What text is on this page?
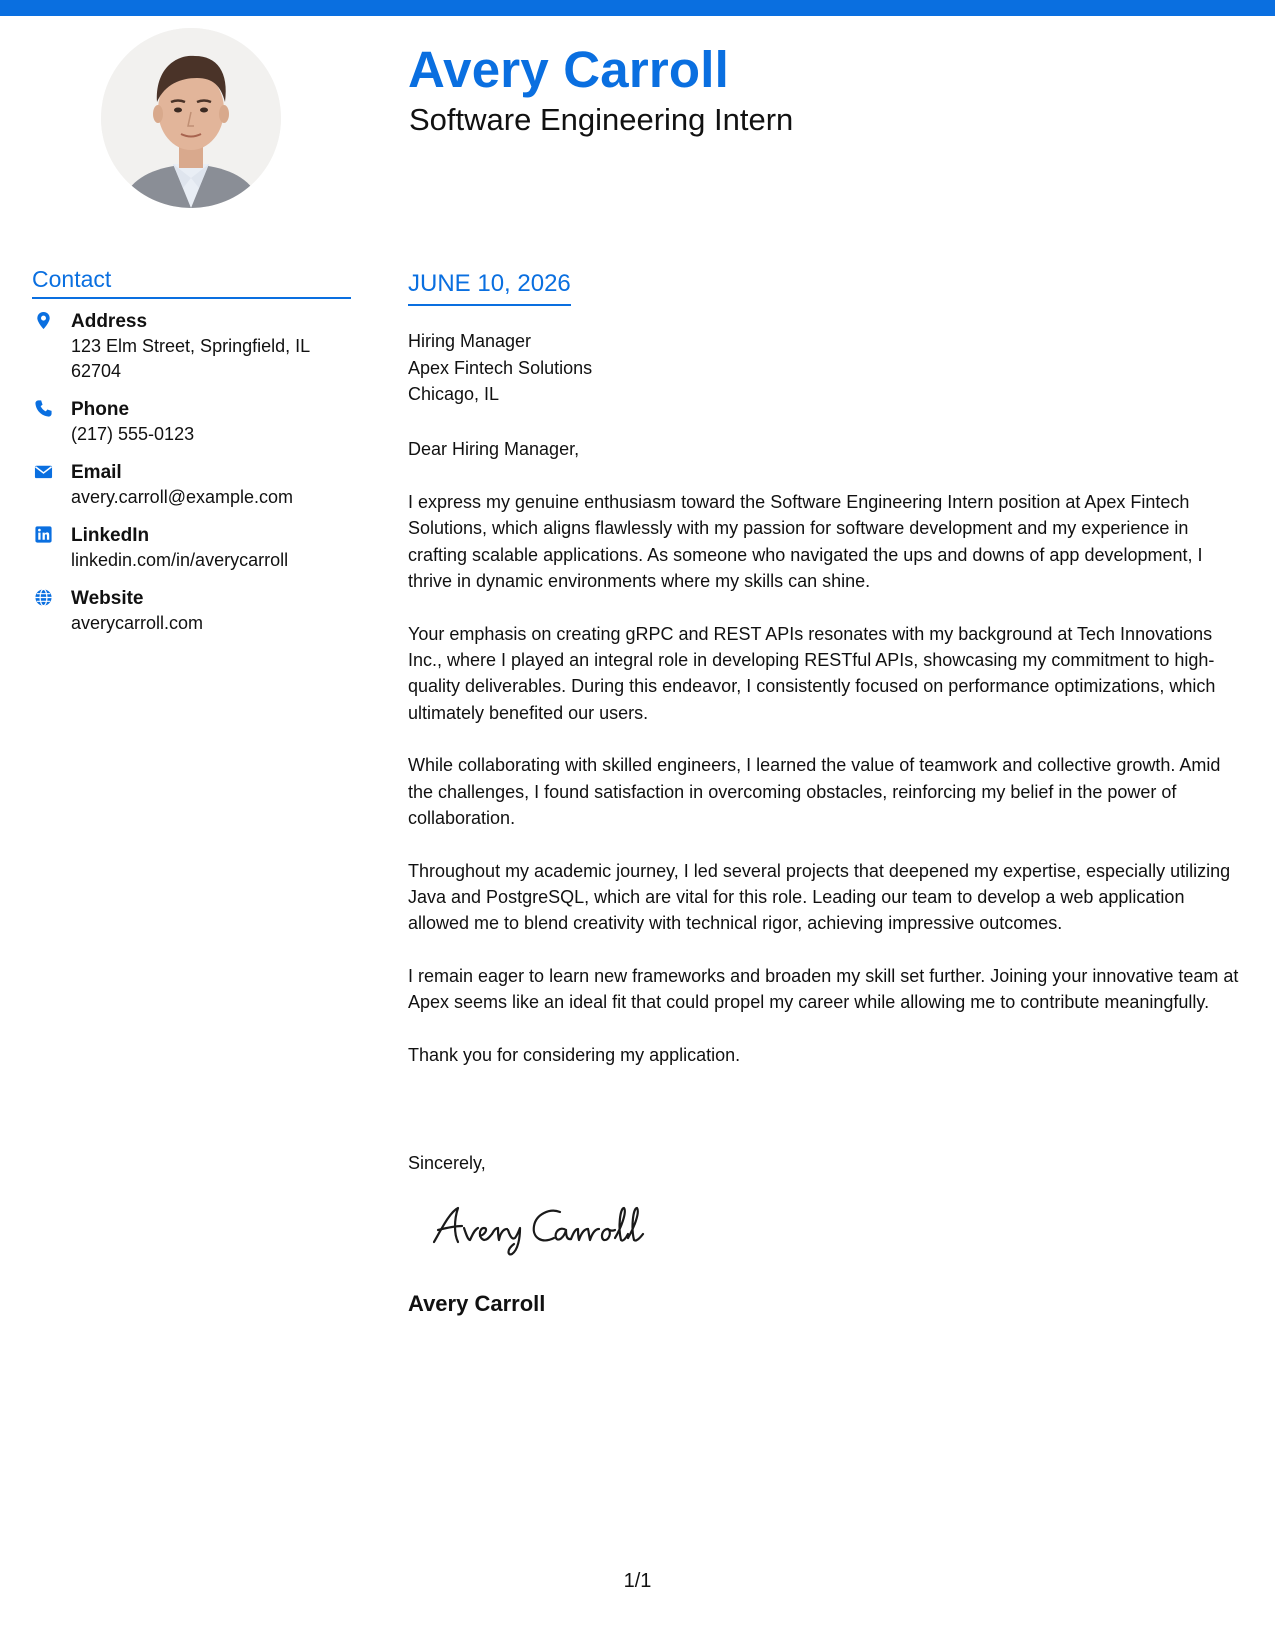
Avery Carroll
Software Engineering Intern
Contact
Address
123 Elm Street, Springfield, IL 62704
Phone
(217) 555-0123
Email
avery.carroll@example.com
LinkedIn
linkedin.com/in/averycarroll
Website
averycarroll.com
JUNE 10, 2026
Hiring Manager
Apex Fintech Solutions
Chicago, IL
Dear Hiring Manager,

I express my genuine enthusiasm toward the Software Engineering Intern position at Apex Fintech Solutions, which aligns flawlessly with my passion for software development and my experience in crafting scalable applications. As someone who navigated the ups and downs of app development, I thrive in dynamic environments where my skills can shine.

Your emphasis on creating gRPC and REST APIs resonates with my background at Tech Innovations Inc., where I played an integral role in developing RESTful APIs, showcasing my commitment to high-quality deliverables. During this endeavor, I consistently focused on performance optimizations, which ultimately benefited our users.

While collaborating with skilled engineers, I learned the value of teamwork and collective growth. Amid the challenges, I found satisfaction in overcoming obstacles, reinforcing my belief in the power of collaboration.

Throughout my academic journey, I led several projects that deepened my expertise, especially utilizing Java and PostgreSQL, which are vital for this role. Leading our team to develop a web application allowed me to blend creativity with technical rigor, achieving impressive outcomes.

I remain eager to learn new frameworks and broaden my skill set further. Joining your innovative team at Apex seems like an ideal fit that could propel my career while allowing me to contribute meaningfully.

Thank you for considering my application.

Sincerely,
Avery Carroll
1/1
